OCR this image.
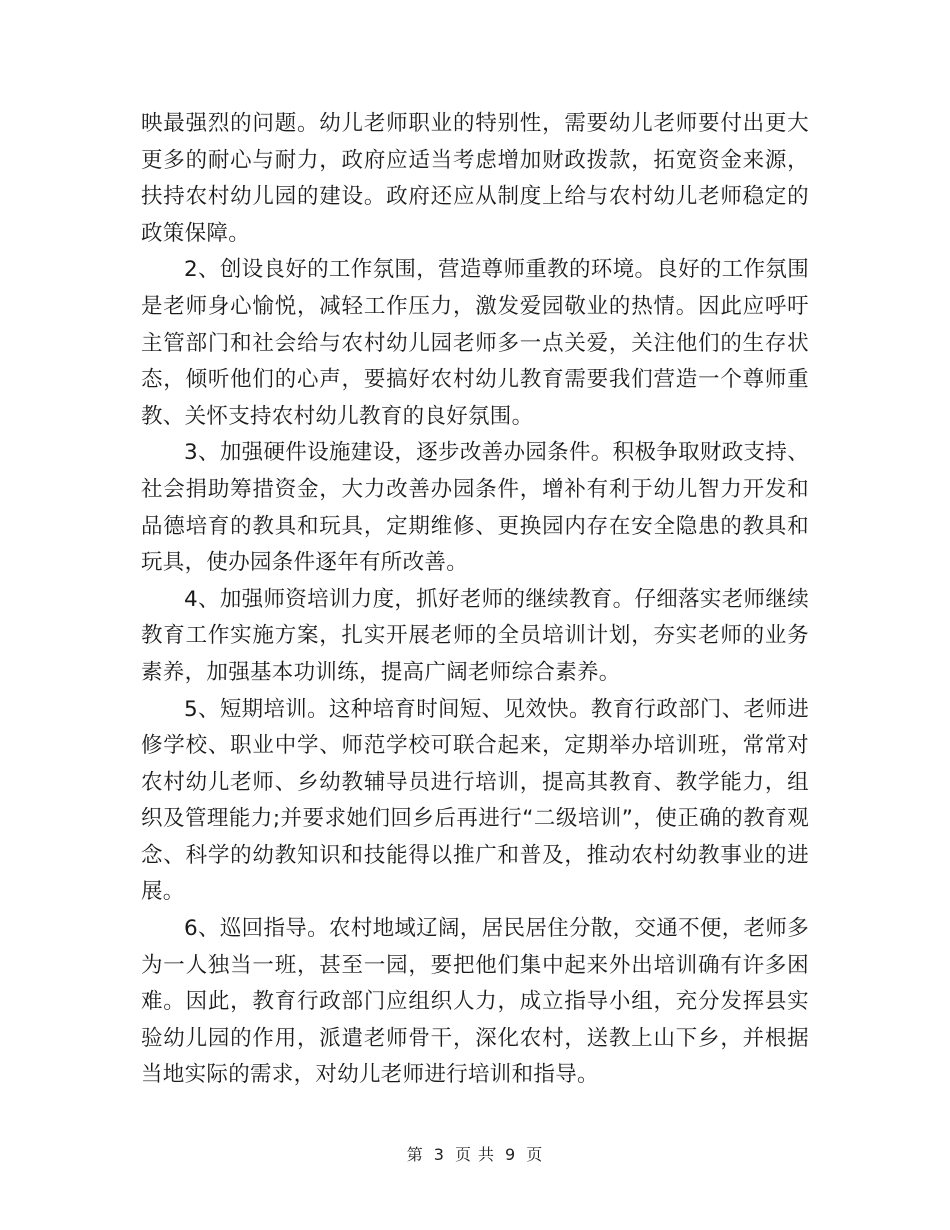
映最强烈的问题。幼儿老师职业的特别性，需要幼儿老师要付出更大更多的耐心与耐力，政府应适当考虑增加财政拨款，拓宽资金来源，扶持农村幼儿园的建设。政府还应从制度上给与农村幼儿老师稳定的政策保障。

2、创设良好的工作氛围，营造尊师重教的环境。良好的工作氛围是老师身心愉悦，减轻工作压力，激发爱园敬业的热情。因此应呼吁主管部门和社会给与农村幼儿园老师多一点关爱，关注他们的生存状态，倾听他们的心声，要搞好农村幼儿教育需要我们营造一个尊师重教、关怀支持农村幼儿教育的良好氛围。

3、加强硬件设施建设，逐步改善办园条件。积极争取财政支持、社会捐助筹措资金，大力改善办园条件，增补有利于幼儿智力开发和品德培育的教具和玩具，定期维修、更换园内存在安全隐患的教具和玩具，使办园条件逐年有所改善。

4、加强师资培训力度，抓好老师的继续教育。仔细落实老师继续教育工作实施方案，扎实开展老师的全员培训计划，夯实老师的业务素养，加强基本功训练，提高广阔老师综合素养。

5、短期培训。这种培育时间短、见效快。教育行政部门、老师进修学校、职业中学、师范学校可联合起来，定期举办培训班，常常对农村幼儿老师、乡幼教辅导员进行培训，提高其教育、教学能力，组织及管理能力;并要求她们回乡后再进行“二级培训”，使正确的教育观念、科学的幼教知识和技能得以推广和普及，推动农村幼教事业的进展。

6、巡回指导。农村地域辽阔，居民居住分散，交通不便，老师多为一人独当一班，甚至一园，要把他们集中起来外出培训确有许多困难。因此，教育行政部门应组织人力，成立指导小组，充分发挥县实验幼儿园的作用，派遣老师骨干，深化农村，送教上山下乡，并根据当地实际的需求，对幼儿老师进行培训和指导。

第 3 页 共 9 页
